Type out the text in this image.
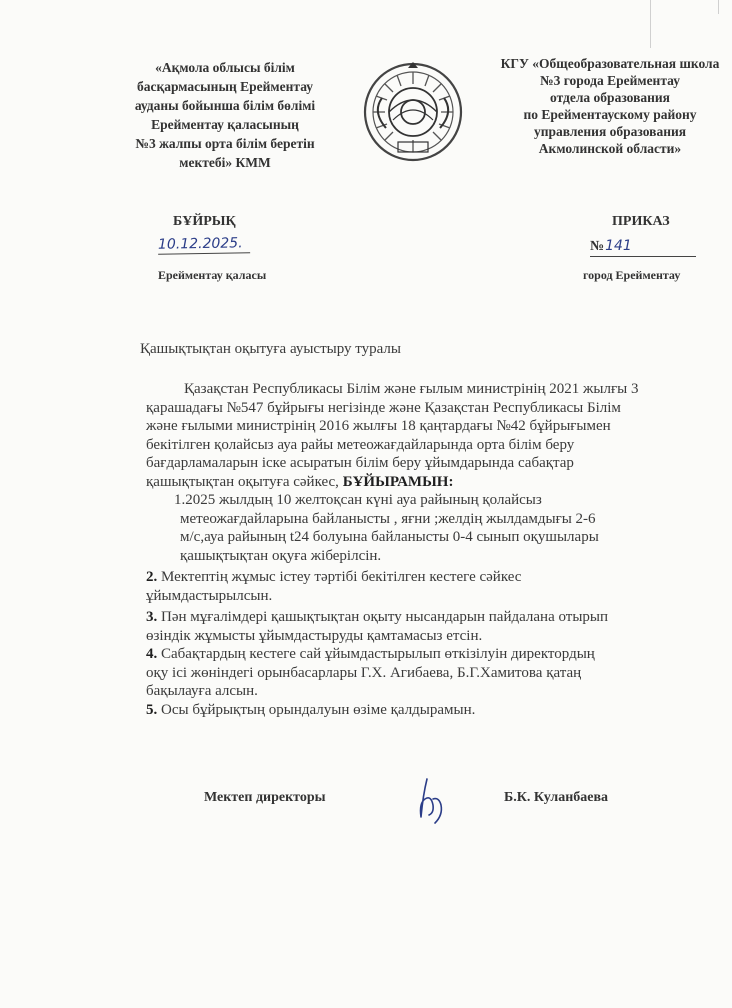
«Ақмола облысы білім
басқармасының Ерейментау
ауданы бойынша білім бөлімі
Ерейментау қаласының
№3 жалпы орта білім беретін
мектебі» КММ
КГУ «Общеобразовательная школа
№3 города Ерейментау
отдела образования
по Ерейментаускому району
управления образования
Акмолинской области»
БҰЙРЫҚ	ПРИКАЗ
10.12.2025.	№141
Ерейментау қаласы	город Ерейментау
Қашықтықтан оқытуға ауыстыру туралы
Қазақстан Республикасы Білім және ғылым министрінің 2021 жылғы 3
қарашадағы №547 бұйрығы негізінде және Қазақстан Республикасы Білім
және ғылыми министрінің 2016 жылғы 18 қаңтардағы №42 бұйрығымен
бекітілген қолайсыз ауа райы метеожағдайларында орта білім беру
бағдарламаларын іске асыратын білім беру ұйымдарында сабақтар
қашықтықтан оқытуға сәйкес, БҰЙЫРАМЫН:
1.2025 жылдың 10 желтоқсан күні ауа райының қолайсыз
метеожағдайларына байланысты , яғни ;желдің жылдамдығы 2-6
м/с,ауа райының t24 болуына байланысты 0-4 сынып оқушылары
қашықтықтан оқуға жіберілсін.
2. Мектептің жұмыс істеу тәртібі бекітілген кестеге сәйкес
ұйымдастырылсын.
3. Пән мұғалімдері қашықтықтан оқыту нысандарын пайдалана отырып
өзіндік жұмысты ұйымдастыруды қамтамасыз етсін.
4. Сабақтардың кестеге сай ұйымдастырылып өткізілуін директордың
оқу ісі жөніндегі орынбасарлары Г.Х. Агибаева, Б.Г.Хамитова қатаң
бақылауға алсын.
5. Осы бұйрықтың орындалуын өзіме қалдырамын.
Мектеп директоры	Б.К. Куланбаева
